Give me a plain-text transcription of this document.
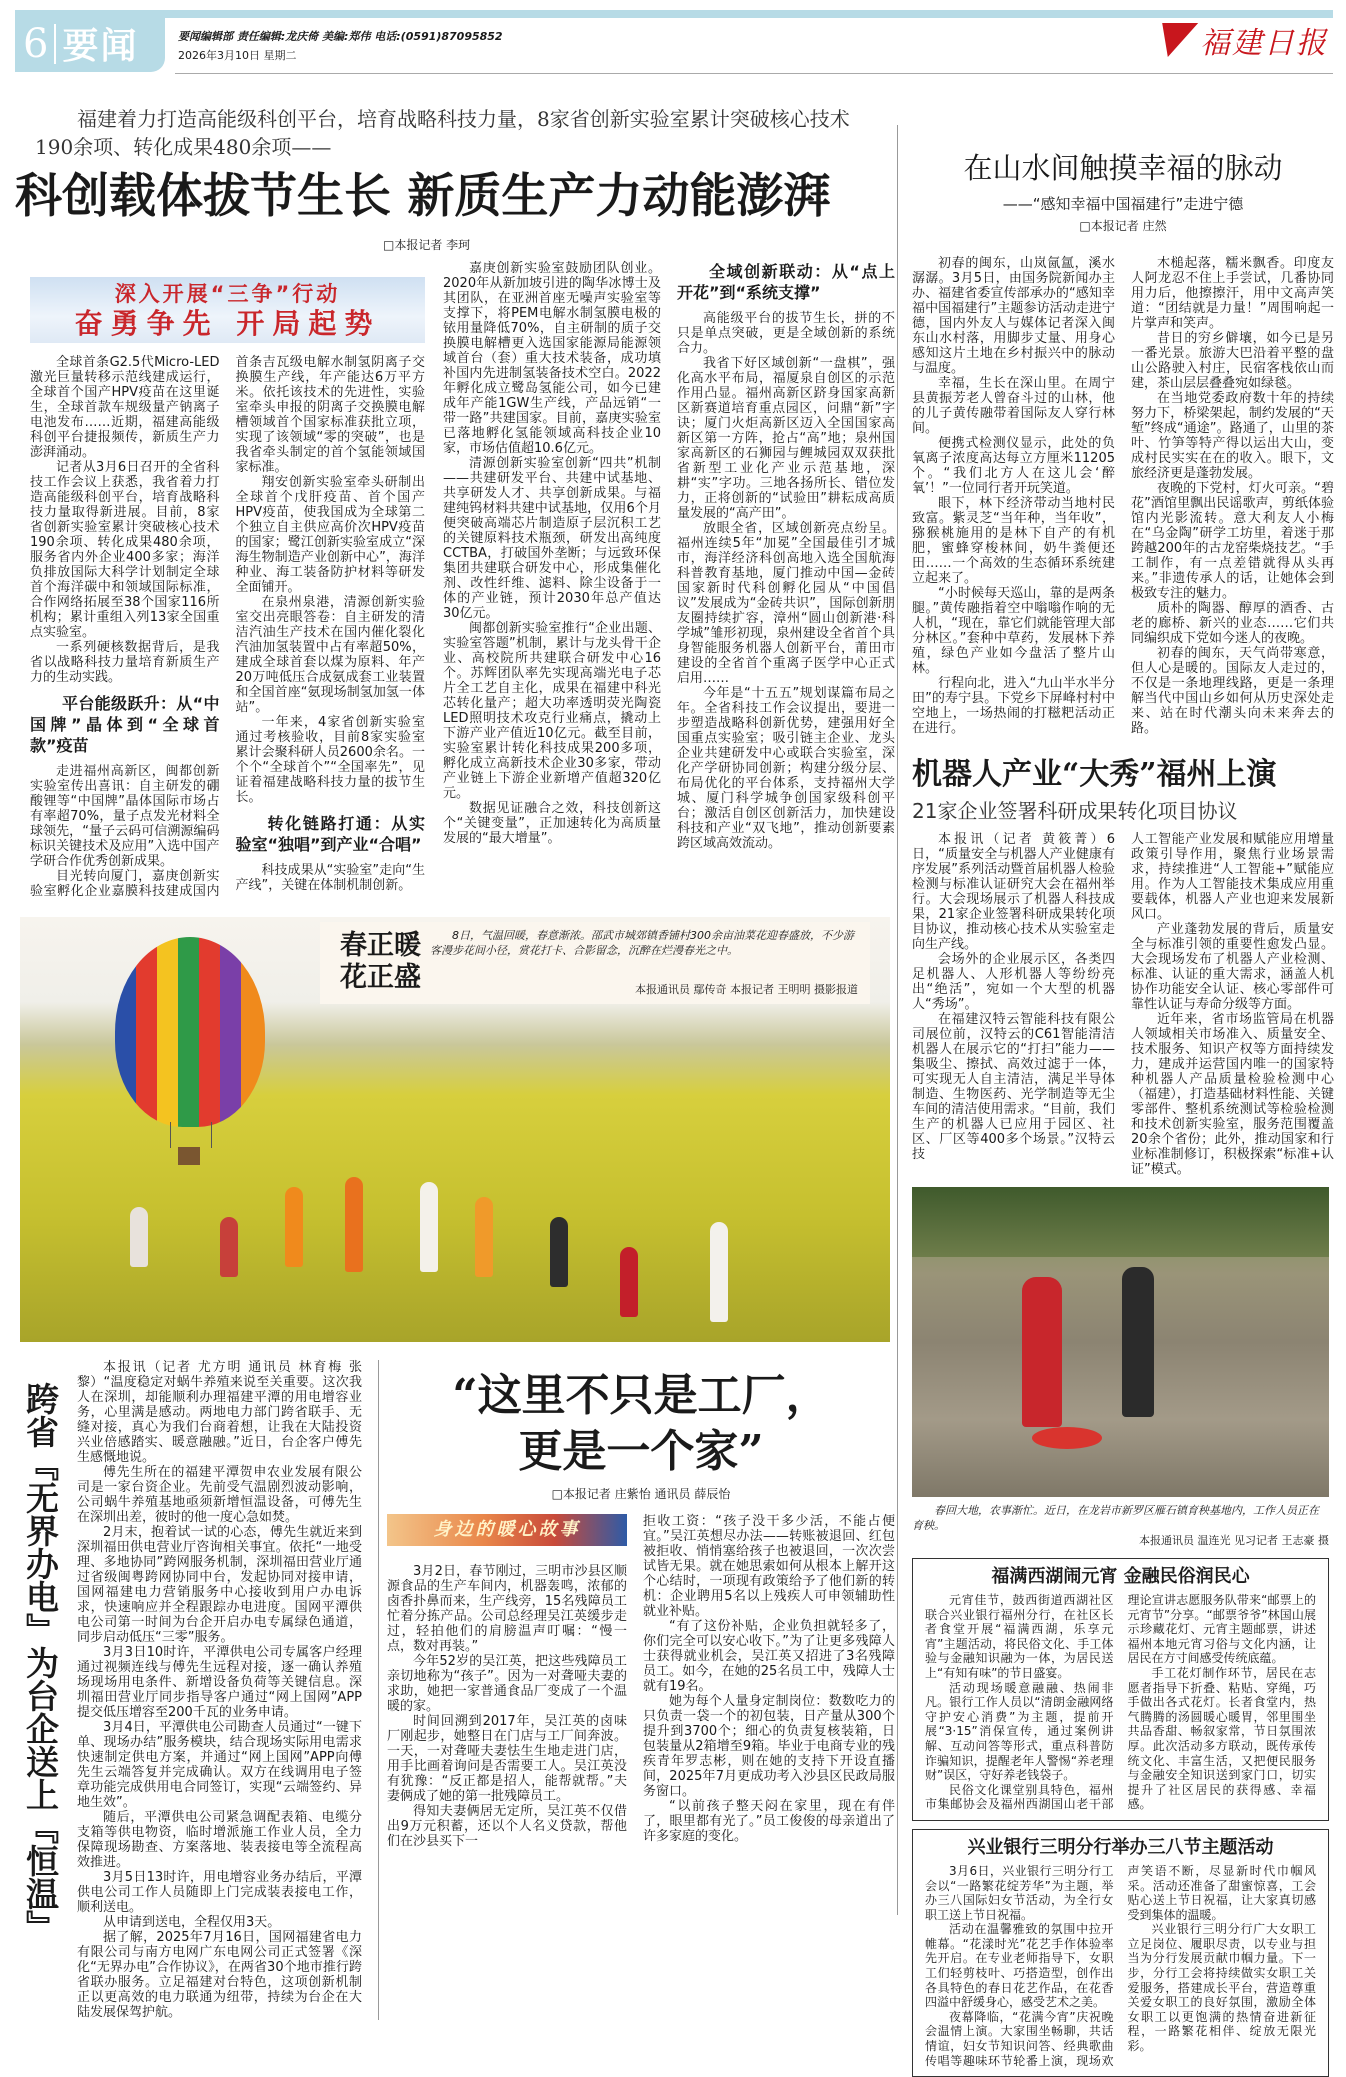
6 要闻	要闻编辑部 责任编辑:龙庆倚 美编:郑伟 电话:(0591)87095852
2026年3月10日 星期二	福建日报
福建着力打造高能级科创平台，培育战略科技力量，8家省创新实验室累计突破核心技术190余项、转化成果480余项——
科创载体拔节生长 新质生产力动能澎湃
□本报记者 李珂
深入开展“三争”行动
奋勇争先 开局起势

全球首条G2.5代Micro-LED激光巨量转移示范线建成运行，全球首个国产HPV疫苗在这里诞生，全球首款车规级量产钠离子电池发布……近期，福建高能级科创平台捷报频传，新质生产力澎湃涌动。

记者从3月6日召开的全省科技工作会议上获悉，我省着力打造高能级科创平台，培育战略科技力量取得新进展。目前，8家省创新实验室累计突破核心技术190余项、转化成果480余项，服务省内外企业400多家；海洋负排放国际大科学计划制定全球首个海洋碳中和领域国际标准，合作网络拓展至38个国家116所机构；累计重组入列13家全国重点实验室。

一系列硬核数据背后，是我省以战略科技力量培育新质生产力的生动实践。

平台能级跃升：从“中国牌”晶体到“全球首款”疫苗

走进福州高新区，闽都创新实验室传出喜讯：自主研发的硼酸锂等“中国牌”晶体国际市场占有率超70%，量子点发光材料全球领先，“量子云码可信溯源编码标识关键技术及应用”入选中国产学研合作优秀创新成果。

目光转向厦门，嘉庚创新实验室孵化企业嘉膜科技建成国内首条吉瓦级电解水制氢阴离子交换膜生产线，年产能达6万平方米。依托该技术的先进性，实验室牵头申报的阴离子交换膜电解槽领域首个国家标准获批立项，实现了该领域“零的突破”，也是我省牵头制定的首个氢能领域国家标准。

翔安创新实验室牵头研制出全球首个戊肝疫苗、首个国产HPV疫苗，使我国成为全球第二个独立自主供应高价次HPV疫苗的国家；鹭江创新实验室成立“深海生物制造产业创新中心”，海洋种业、海工装备防护材料等研发全面铺开。

在泉州泉港，清源创新实验室交出亮眼答卷：自主研发的清洁汽油生产技术在国内催化裂化汽油加氢装置中占有率超50%，建成全球首套以煤为原料、年产20万吨低压合成氨成套工业装置和全国首座“氨现场制氢加氢一体站”。

一年来，4家省创新实验室通过考核验收，目前8家实验室累计会聚科研人员2600余名。一个个“全球首个”“全国率先”，见证着福建战略科技力量的拔节生长。

转化链路打通：从实验室“独唱”到产业“合唱”

科技成果从“实验室”走向“生产线”，关键在体制机制创新。

嘉庚创新实验室鼓励团队创业。2020年从新加坡引进的陶华冰博士及其团队，在亚洲首座无噪声实验室等支撑下，将PEM电解水制氢膜电极的铱用量降低70%，自主研制的质子交换膜电解槽更入选国家能源局能源领域首台（套）重大技术装备，成功填补国内先进制氢装备技术空白。2022年孵化成立鹭岛氢能公司，如今已建成年产能1GW生产线，产品远销“一带一路”共建国家。目前，嘉庚实验室已落地孵化氢能领域高科技企业10家，市场估值超10.6亿元。

清源创新实验室创新“四共”机制——共建研发平台、共建中试基地、共享研发人才、共享创新成果。与福建纯钨材料共建中试基地，仅用6个月便突破高端芯片制造原子层沉积工艺的关键原料技术瓶颈，研发出高纯度CCTBA，打破国外垄断；与远致环保集团共建联合研发中心，形成集催化剂、改性纤维、滤料、除尘设备于一体的产业链，预计2030年总产值达30亿元。

闽都创新实验室推行“企业出题、实验室答题”机制，累计与龙头骨干企业、高校院所共建联合研发中心16个。苏辉团队率先实现高端光电子芯片全工艺自主化，成果在福建中科光芯转化量产；超大功率透明荧光陶瓷LED照明技术攻克行业痛点，撬动上下游产业产值近10亿元。截至目前，实验室累计转化科技成果200多项，孵化成立高新技术企业30多家，带动产业链上下游企业新增产值超320亿元。

数据见证融合之效，科技创新这个“关键变量”，正加速转化为高质量发展的“最大增量”。

全域创新联动：从“点上开花”到“系统支撑”

高能级平台的拔节生长，拼的不只是单点突破，更是全域创新的系统合力。

我省下好区域创新“一盘棋”，强化高水平布局，福厦泉自创区的示范作用凸显。福州高新区跻身国家高新区新赛道培育重点园区，问鼎“新”字诀；厦门火炬高新区迈入全国国家高新区第一方阵，抢占“高”地；泉州国家高新区的石狮园与鲤城园双双获批省新型工业化产业示范基地，深耕“实”字功。三地各扬所长、错位发力，正将创新的“试验田”耕耘成高质量发展的“高产田”。

放眼全省，区域创新亮点纷呈。福州连续5年“加冕”全国最佳引才城市，海洋经济科创高地入选全国航海科普教育基地，厦门推动中国—金砖国家新时代科创孵化园从“中国倡议”发展成为“金砖共识”，国际创新朋友圈持续扩容，漳州“圆山创新港·科学城”雏形初现，泉州建设全省首个具身智能服务机器人创新平台，莆田市建设的全省首个重离子医学中心正式启用……

今年是“十五五”规划谋篇布局之年。全省科技工作会议提出，要进一步塑造战略科创新优势，建强用好全国重点实验室；吸引链主企业、龙头企业共建研发中心或联合实验室，深化产学研协同创新；构建分级分层、布局优化的平台体系，支持福州大学城、厦门科学城争创国家级科创平台；激活自创区创新活力，加快建设科技和产业“双飞地”，推动创新要素跨区域高效流动。

春正暖
花正盛
8日，气温回暖，春意渐浓。邵武市城郊镇香铺村300余亩油菜花迎春盛放，不少游客漫步花间小径，赏花打卡、合影留念，沉醉在烂漫春光之中。
本报通讯员 鄢传奇 本报记者 王明明 摄影报道
跨省『无界办电』为台企送上『恒温』

本报讯（记者 尤方明 通讯员 林育梅 张黎）“温度稳定对蜗牛养殖来说至关重要。这次我人在深圳，却能顺利办理福建平潭的用电增容业务，心里满是感动。两地电力部门跨省联手、无缝对接，真心为我们台商着想，让我在大陆投资兴业倍感踏实、暖意融融。”近日，台企客户傅先生感慨地说。

傅先生所在的福建平潭贺申农业发展有限公司是一家台资企业。先前受气温剧烈波动影响，公司蜗牛养殖基地亟须新增恒温设备，可傅先生在深圳出差，彼时的他一度心急如焚。

2月末，抱着试一试的心态，傅先生就近来到深圳福田供电营业厅咨询相关事宜。依托“一地受理、多地协同”跨网服务机制，深圳福田营业厅通过省级闽粤跨网协同中台，发起协同对接申请，国网福建电力营销服务中心接收到用户办电诉求，快速响应并全程跟踪办电进度。国网平潭供电公司第一时间为台企开启办电专属绿色通道，同步启动低压“三零”服务。

3月3日10时许，平潭供电公司专属客户经理通过视频连线与傅先生远程对接，逐一确认养殖场现场用电条件、新增设备负荷等关键信息。深圳福田营业厅同步指导客户通过“网上国网”APP提交低压增容至200千瓦的业务申请。

3月4日，平潭供电公司勘查人员通过“一键下单、现场办结”服务模块，结合现场实际用电需求快速制定供电方案，并通过“网上国网”APP向傅先生云端答复并完成确认。双方在线调用电子签章功能完成供用电合同签订，实现“云端签约、异地生效”。

随后，平潭供电公司紧急调配表箱、电缆分支箱等供电物资，临时增派施工作业人员，全力保障现场勘查、方案落地、装表接电等全流程高效推进。

3月5日13时许，用电增容业务办结后，平潭供电公司工作人员随即上门完成装表接电工作，顺利送电。

从申请到送电，全程仅用3天。

据了解，2025年7月16日，国网福建省电力有限公司与南方电网广东电网公司正式签署《深化“无界办电”合作协议》，在两省30个地市推行跨省联办服务。立足福建对台特色，这项创新机制正以更高效的电力联通为纽带，持续为台企在大陆发展保驾护航。

“这里不只是工厂，
更是一个家”
□本报记者 庄紫怡 通讯员 薛辰怡
身边的暖心故事

3月2日，春节刚过，三明市沙县区顺源食品的生产车间内，机器轰鸣，浓郁的卤香扑鼻而来，生产线旁，15名残障员工忙着分拣产品。公司总经理吴江英缓步走过，轻拍他们的肩膀温声叮嘱：“慢一点，数对再装。”

今年52岁的吴江英，把这些残障员工亲切地称为“孩子”。因为一对聋哑夫妻的求助，她把一家普通食品厂变成了一个温暖的家。

时间回溯到2017年，吴江英的卤味厂刚起步，她整日在门店与工厂间奔波。一天，一对聋哑夫妻怯生生地走进门店，用手比画着询问是否需要工人。吴江英没有犹豫：“反正都是招人，能帮就帮。”夫妻俩成了她的第一批残障员工。

得知夫妻俩居无定所，吴江英不仅借出9万元积蓄，还以个人名义贷款，帮他们在沙县买下一

拒收工资：“孩子没干多少活，不能占便宜。”吴江英想尽办法——转账被退回、红包被拒收、悄悄塞给孩子也被退回，一次次尝试皆无果。就在她思索如何从根本上解开这个心结时，一项现有政策给予了他们新的转机：企业聘用5名以上残疾人可申领辅助性就业补贴。

“有了这份补贴，企业负担就轻多了，你们完全可以安心收下。”为了让更多残障人士获得就业机会，吴江英又招进了3名残障员工。如今，在她的25名员工中，残障人士就有19名。

她为每个人量身定制岗位：数数吃力的只负责一袋一个的初包装，日产量从300个提升到3700个；细心的负责复核装箱，日包装量从2箱增至9箱。毕业于电商专业的残疾青年罗志彬，则在她的支持下开设直播间，2025年7月更成功考入沙县区民政局服务窗口。

“以前孩子整天闷在家里，现在有伴了，眼里都有光了。”员工俊俊的母亲道出了许多家庭的变化。

在山水间触摸幸福的脉动
——“感知幸福中国福建行”走进宁德
□本报记者 庄然

初春的闽东，山岚氤氲，溪水潺潺。3月5日，由国务院新闻办主办、福建省委宣传部承办的“感知幸福中国福建行”主题参访活动走进宁德，国内外友人与媒体记者深入闽东山水村落，用脚步丈量、用身心感知这片土地在乡村振兴中的脉动与温度。

幸福，生长在深山里。在周宁县黄振芳老人曾奋斗过的山林，他的儿子黄传融带着国际友人穿行林间。

便携式检测仪显示，此处的负氧离子浓度高达每立方厘米11205个。“我们北方人在这儿会‘醉氧’！”一位同行者开玩笑道。

眼下，林下经济带动当地村民致富。紫灵芝“当年种，当年收”，猕猴桃施用的是林下自产的有机肥，蜜蜂穿梭林间，奶牛粪便还田……一个高效的生态循环系统建立起来了。

“小时候每天巡山，靠的是两条腿。”黄传融指着空中嗡嗡作响的无人机，“现在，靠它们就能管理大部分林区。”套种中草药，发展林下养殖，绿色产业如今盘活了整片山林。

行程向北，进入“九山半水半分田”的寿宁县。下党乡下屏峰村村中空地上，一场热闹的打糍粑活动正在进行。

木槌起落，糯米飘香。印度友人阿龙忍不住上手尝试，几番协同用力后，他擦擦汗，用中文高声笑道：“团结就是力量！”周围响起一片掌声和笑声。

昔日的穷乡僻壤，如今已是另一番光景。旅游大巴沿着平整的盘山公路驶入村庄，民宿客栈依山而建，茶山层层叠叠宛如绿毯。

在当地党委政府数十年的持续努力下，桥梁架起，制约发展的“天堑”终成“通途”。路通了，山里的茶叶、竹笋等特产得以运出大山，变成村民实实在在的收入。眼下，文旅经济更是蓬勃发展。

夜晚的下党村，灯火可亲。“碧花”酒馆里飘出民谣歌声，剪纸体验馆内光影流转。意大利友人小梅在“乌金陶”研学工坊里，着迷于那跨越200年的古龙窑柴烧技艺。“手工制作，有一点差错就得从头再来。”非遗传承人的话，让她体会到极致专注的魅力。

质朴的陶器、醇厚的酒香、古老的廊桥、新兴的业态……它们共同编织成下党如今迷人的夜晚。

初春的闽东，天气尚带寒意，但人心是暖的。国际友人走过的，不仅是一条地理线路，更是一条理解当代中国山乡如何从历史深处走来、站在时代潮头向未来奔去的路。

机器人产业“大秀”福州上演
21家企业签署科研成果转化项目协议

本报讯（记者 黄筱菁）6日，“质量安全与机器人产业健康有序发展”系列活动暨首届机器人检验检测与标准认证研究大会在福州举行。大会现场展示了机器人科技成果，21家企业签署科研成果转化项目协议，推动核心技术从实验室走向生产线。

会场外的企业展示区，各类四足机器人、人形机器人等纷纷亮出“绝活”，宛如一个大型的机器人“秀场”。

在福建汉特云智能科技有限公司展位前，汉特云的C61智能清洁机器人在展示它的“打扫”能力——集吸尘、擦拭、高效过滤于一体，可实现无人自主清洁，满足半导体制造、生物医药、光学制造等无尘车间的清洁使用需求。“目前，我们生产的机器人已应用于园区、社区、厂区等400多个场景。”汉特云技

人工智能产业发展和赋能应用增量政策引导作用，聚焦行业场景需求，持续推进“人工智能+”赋能应用。作为人工智能技术集成应用重要载体，机器人产业也迎来发展新风口。

产业蓬勃发展的背后，质量安全与标准引领的重要性愈发凸显。大会现场发布了机器人产业检测、标准、认证的重大需求，涵盖人机协作功能安全认证、核心零部件可靠性认证与寿命分级等方面。

近年来，省市场监管局在机器人领域相关市场准入、质量安全、技术服务、知识产权等方面持续发力，建成并运营国内唯一的国家特种机器人产品质量检验检测中心（福建），打造基础材料性能、关键零部件、整机系统测试等检验检测和技术创新实验室，服务范围覆盖20余个省份；此外，推动国家和行业标准制修订，积极探索“标准+认证”模式。

春回大地，农事渐忙。近日，在龙岩市新罗区雁石镇育秧基地内，工作人员正在育秧。
本报通讯员 温连光 见习记者 王志豪 摄
福满西湖闹元宵 金融民俗润民心

元宵佳节，鼓西街道西湖社区联合兴业银行福州分行，在社区长者食堂开展“福满西湖，乐享元宵”主题活动，将民俗文化、手工体验与金融知识融为一体，为居民送上“有知有味”的节日盛宴。

活动现场暖意融融、热闹非凡。银行工作人员以“清朗金融网络 守护安心消费”为主题，提前开展“3·15”消保宣传，通过案例讲解、互动问答等形式，重点科普防诈骗知识，提醒老年人警惕“养老理财”误区，守好养老钱袋子。

民俗文化课堂别具特色，福州市集邮协会及福州西湖国山老干部理论宣讲志愿服务队带来“邮票上的元宵节”分享。“邮票爷爷”林国山展示珍藏花灯、元宵主题邮票，讲述福州本地元宵习俗与文化内涵，让居民在方寸间感受传统底蕴。

手工花灯制作环节，居民在志愿者指导下折叠、粘贴、穿绳，巧手做出各式花灯。长者食堂内，热气腾腾的汤圆暖心暖胃，邻里围坐共品香甜、畅叙家常，节日氛围浓厚。此次活动多方联动，既传承传统文化、丰富生活，又把便民服务与金融安全知识送到家门口，切实提升了社区居民的获得感、幸福感。

兴业银行三明分行举办三八节主题活动

3月6日，兴业银行三明分行工会以“一路繁花绽芳华”为主题，举办三八国际妇女节活动，为全行女职工送上节日祝福。

活动在温馨雅致的氛围中拉开帷幕。“花漾时光”花艺手作体验率先开启。在专业老师指导下，女职工们轻剪枝叶、巧搭造型，创作出各具特色的春日花艺作品，在花香四溢中舒缓身心，感受艺术之美。

夜幕降临，“花满今宵”庆祝晚会温情上演。大家围坐畅聊，共话情谊，妇女节知识问答、经典歌曲传唱等趣味环节轮番上演，现场欢声笑语不断，尽显新时代巾帼风采。活动还准备了甜蜜惊喜，工会贴心送上节日祝福，让大家真切感受到集体的温暖。

兴业银行三明分行广大女职工立足岗位、履职尽责，以专业与担当为分行发展贡献巾帼力量。下一步，分行工会将持续做实女职工关爱服务，搭建成长平台，营造尊重关爱女职工的良好氛围，激励全体女职工以更饱满的热情奋进新征程，一路繁花相伴、绽放无限光彩。
